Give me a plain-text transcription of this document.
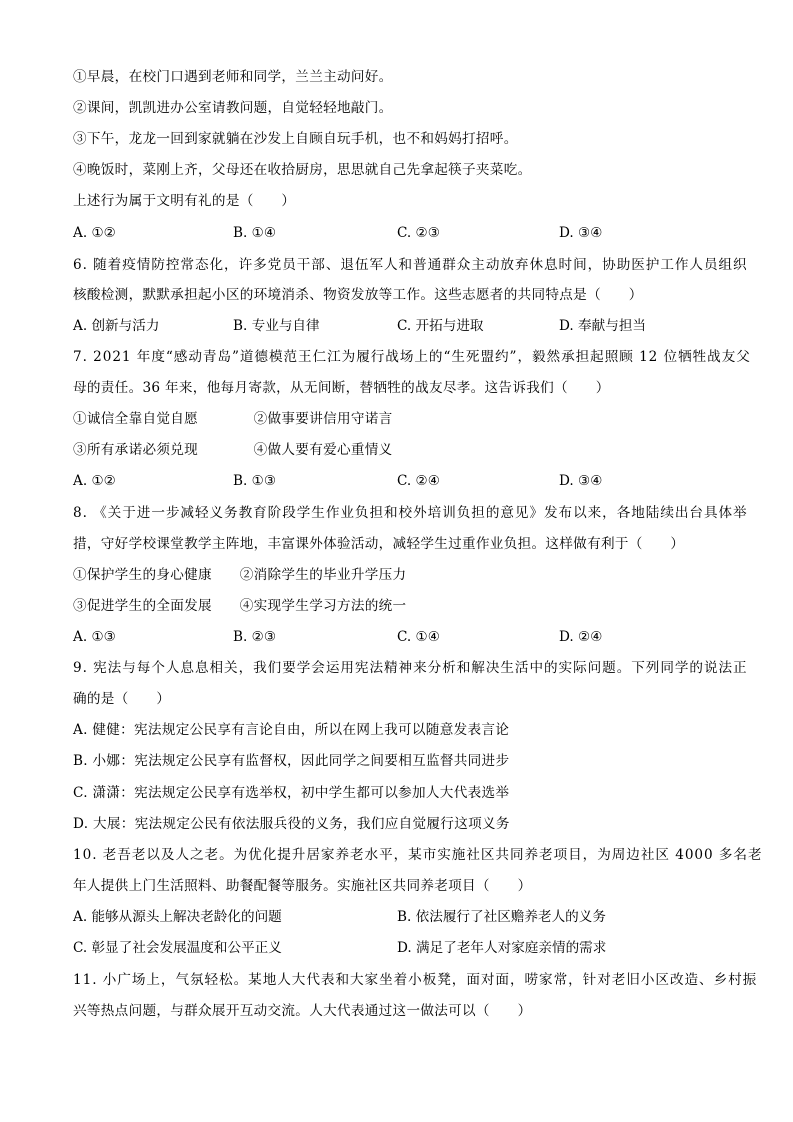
①早晨，在校门口遇到老师和同学，兰兰主动问好。
②课间，凯凯进办公室请教问题，自觉轻轻地敲门。
③下午，龙龙一回到家就躺在沙发上自顾自玩手机，也不和妈妈打招呼。
④晚饭时，菜刚上齐，父母还在收拾厨房，思思就自己先拿起筷子夹菜吃。
上述行为属于文明有礼的是（　　）
A. ①②	B. ①④	C. ②③	D. ③④
6. 随着疫情防控常态化，许多党员干部、退伍军人和普通群众主动放弃休息时间，协助医护工作人员组织
核酸检测，默默承担起小区的环境消杀、物资发放等工作。这些志愿者的共同特点是（　　）
A. 创新与活力	B. 专业与自律	C. 开拓与进取	D. 奉献与担当
7. 2021 年度“感动青岛”道德模范王仁江为履行战场上的“生死盟约”，毅然承担起照顾 12 位牺牲战友父
母的责任。36 年来，他每月寄款，从无间断，替牺牲的战友尽孝。这告诉我们（　　）
①诚信全靠自觉自愿　　　　②做事要讲信用守诺言
③所有承诺必须兑现　　　　④做人要有爱心重情义
A. ①②	B. ①③	C. ②④	D. ③④
8. 《关于进一步减轻义务教育阶段学生作业负担和校外培训负担的意见》发布以来，各地陆续出台具体举
措，守好学校课堂教学主阵地，丰富课外体验活动，减轻学生过重作业负担。这样做有利于（　　）
①保护学生的身心健康　　②消除学生的毕业升学压力
③促进学生的全面发展　　④实现学生学习方法的统一
A. ①③	B. ②③	C. ①④	D. ②④
9. 宪法与每个人息息相关，我们要学会运用宪法精神来分析和解决生活中的实际问题。下列同学的说法正
确的是（　　）
A. 健健：宪法规定公民享有言论自由，所以在网上我可以随意发表言论
B. 小娜：宪法规定公民享有监督权，因此同学之间要相互监督共同进步
C. 潇潇：宪法规定公民享有选举权，初中学生都可以参加人大代表选举
D. 大展：宪法规定公民有依法服兵役的义务，我们应自觉履行这项义务
10. 老吾老以及人之老。为优化提升居家养老水平，某市实施社区共同养老项目，为周边社区 4000 多名老
年人提供上门生活照料、助餐配餐等服务。实施社区共同养老项目（　　）
A. 能够从源头上解决老龄化的问题	B. 依法履行了社区赡养老人的义务
C. 彰显了社会发展温度和公平正义	D. 满足了老年人对家庭亲情的需求
11. 小广场上，气氛轻松。某地人大代表和大家坐着小板凳，面对面，唠家常，针对老旧小区改造、乡村振
兴等热点问题，与群众展开互动交流。人大代表通过这一做法可以（　　）
